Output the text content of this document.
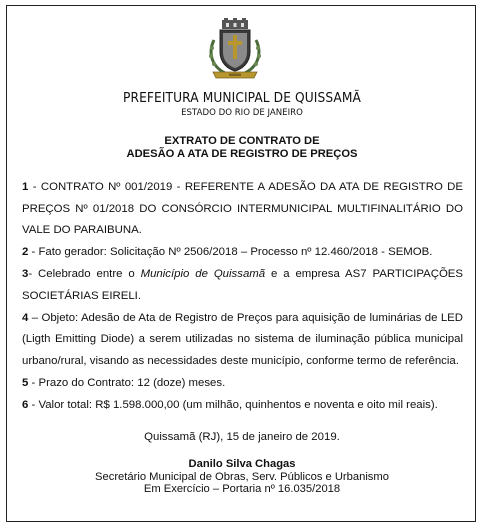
PREFEITURA MUNICIPAL DE QUISSAMÃ
ESTADO DO RIO DE JANEIRO
EXTRATO DE CONTRATO DE
ADESÃO A ATA DE REGISTRO DE PREÇOS

1 - CONTRATO Nº 001/2019 - REFERENTE A ADESÃO DA ATA DE REGISTRO DE PREÇOS Nº 01/2018 DO CONSÓRCIO INTERMUNICIPAL MULTIFINALITÁRIO DO VALE DO PARAIBUNA.

2 - Fato gerador: Solicitação Nº 2506/2018 – Processo nº 12.460/2018 - SEMOB.

3- Celebrado entre o Município de Quissamã e a empresa AS7 PARTICIPAÇÕES SOCIETÁRIAS EIRELI.

4 – Objeto: Adesão de Ata de Registro de Preços para aquisição de luminárias de LED (Ligth Emitting Diode) a serem utilizadas no sistema de iluminação pública municipal urbano/rural, visando as necessidades deste município, conforme termo de referência.

5 - Prazo do Contrato: 12 (doze) meses.

6 - Valor total: R$ 1.598.000,00 (um milhão, quinhentos e noventa e oito mil reais).

Quissamã (RJ), 15 de janeiro de 2019.
Danilo Silva Chagas
Secretário Municipal de Obras, Serv. Públicos e Urbanismo
Em Exercício – Portaria nº 16.035/2018
